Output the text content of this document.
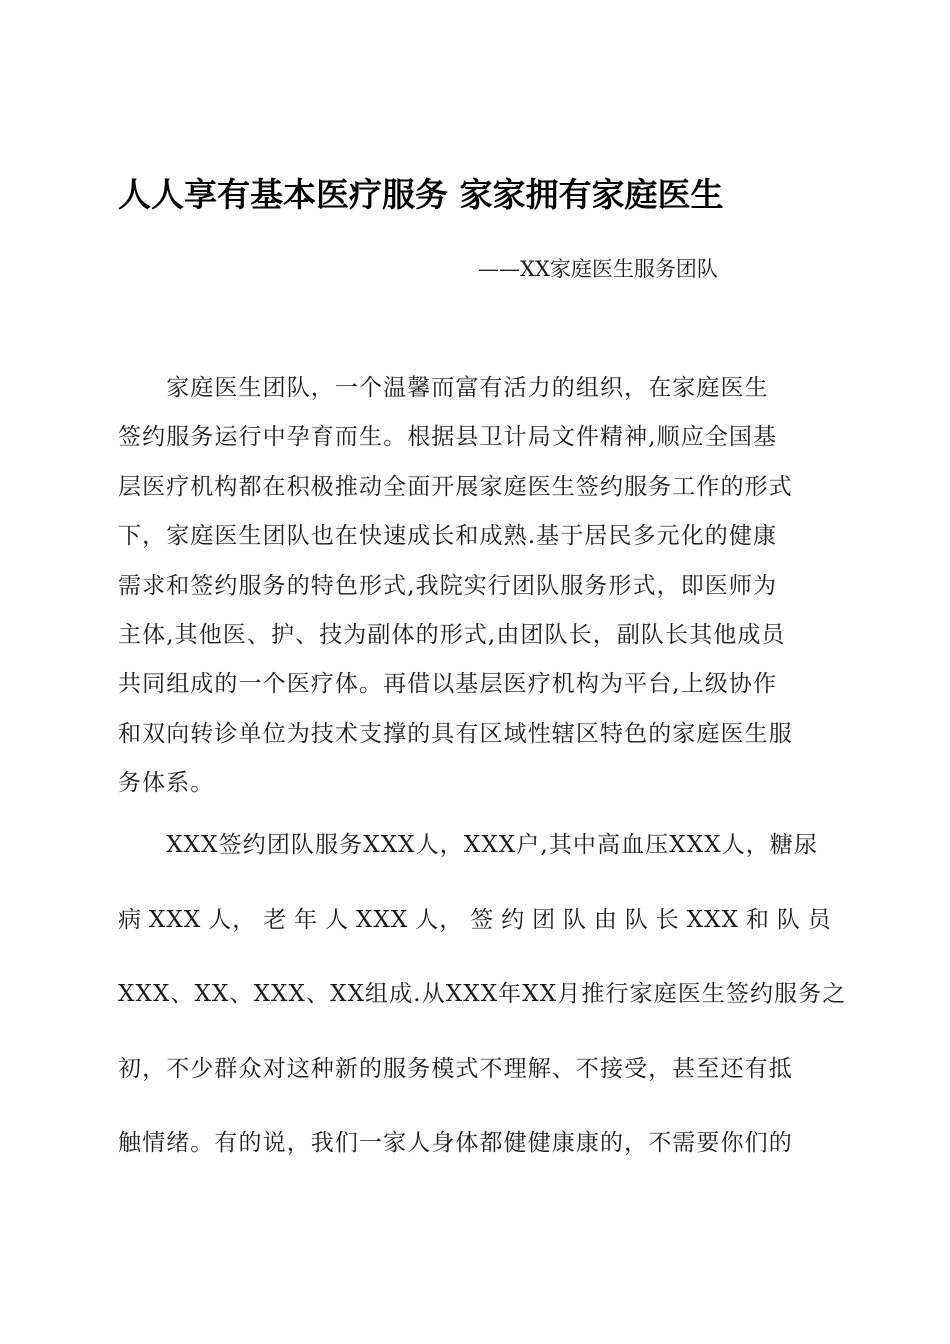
人人享有基本医疗服务 家家拥有家庭医生
——XX家庭医生服务团队
　　家庭医生团队，一个温馨而富有活力的组织，在家庭医生
签约服务运行中孕育而生。根据县卫计局文件精神,顺应全国基
层医疗机构都在积极推动全面开展家庭医生签约服务工作的形式
下，家庭医生团队也在快速成长和成熟.基于居民多元化的健康
需求和签约服务的特色形式,我院实行团队服务形式，即医师为
主体,其他医、护、技为副体的形式,由团队长，副队长其他成员
共同组成的一个医疗体。再借以基层医疗机构为平台,上级协作
和双向转诊单位为技术支撑的具有区域性辖区特色的家庭医生服
务体系。
　　XXX签约团队服务XXX人，XXX户,其中高血压XXX人，糖尿
病 XXX 人， 老 年 人 XXX 人， 签 约 团 队 由 队 长 XXX 和 队 员
XXX、XX、XXX、XX组成.从XXX年XX月推行家庭医生签约服务之
初，不少群众对这种新的服务模式不理解、不接受，甚至还有抵
触情绪。有的说，我们一家人身体都健健康康的，不需要你们的
